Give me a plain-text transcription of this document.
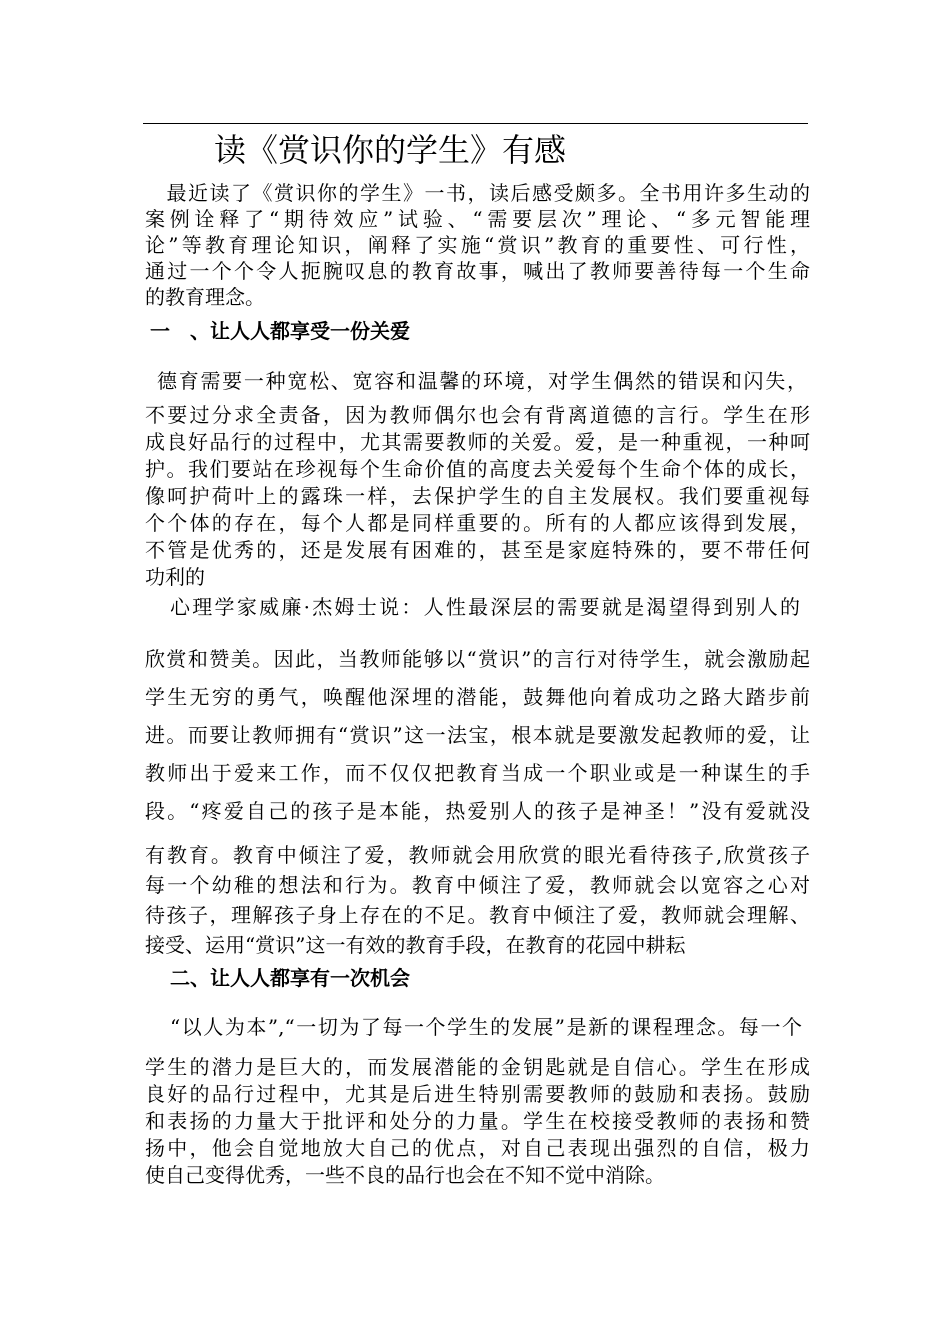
读《赏识你的学生》有感
　最近读了《赏识你的学生》一书，读后感受颇多。全书用许多生动的
案例诠释了“期待效应”试验、“需要层次”理论、“多元智能理
论”等教育理论知识，阐释了实施“赏识”教育的重要性、可行性，
通过一个个令人扼腕叹息的教育故事，喊出了教师要善待每一个生命
的教育理念。
一　、让人人都享受一份关爱
德育需要一种宽松、宽容和温馨的环境，对学生偶然的错误和闪失，
不要过分求全责备，因为教师偶尔也会有背离道德的言行。学生在形
成良好品行的过程中，尤其需要教师的关爱。爱，是一种重视，一种呵
护。我们要站在珍视每个生命价值的高度去关爱每个生命个体的成长，
像呵护荷叶上的露珠一样，去保护学生的自主发展权。我们要重视每
个个体的存在，每个人都是同样重要的。所有的人都应该得到发展，
不管是优秀的，还是发展有困难的，甚至是家庭特殊的，要不带任何
功利的
心理学家威廉·杰姆士说：人性最深层的需要就是渴望得到别人的
欣赏和赞美。因此，当教师能够以“赏识”的言行对待学生，就会激励起
学生无穷的勇气，唤醒他深埋的潜能，鼓舞他向着成功之路大踏步前
进。而要让教师拥有“赏识”这一法宝，根本就是要激发起教师的爱，让
教师出于爱来工作，而不仅仅把教育当成一个职业或是一种谋生的手
段。“疼爱自己的孩子是本能，热爱别人的孩子是神圣！”没有爱就没
有教育。教育中倾注了爱，教师就会用欣赏的眼光看待孩子,欣赏孩子
每一个幼稚的想法和行为。教育中倾注了爱，教师就会以宽容之心对
待孩子，理解孩子身上存在的不足。教育中倾注了爱，教师就会理解、
接受、运用“赏识”这一有效的教育手段，在教育的花园中耕耘
二、让人人都享有一次机会
“以人为本”,“一切为了每一个学生的发展”是新的课程理念。每一个
学生的潜力是巨大的，而发展潜能的金钥匙就是自信心。学生在形成
良好的品行过程中，尤其是后进生特别需要教师的鼓励和表扬。鼓励
和表扬的力量大于批评和处分的力量。学生在校接受教师的表扬和赞
扬中，他会自觉地放大自己的优点，对自己表现出强烈的自信，极力
使自己变得优秀，一些不良的品行也会在不知不觉中消除。
